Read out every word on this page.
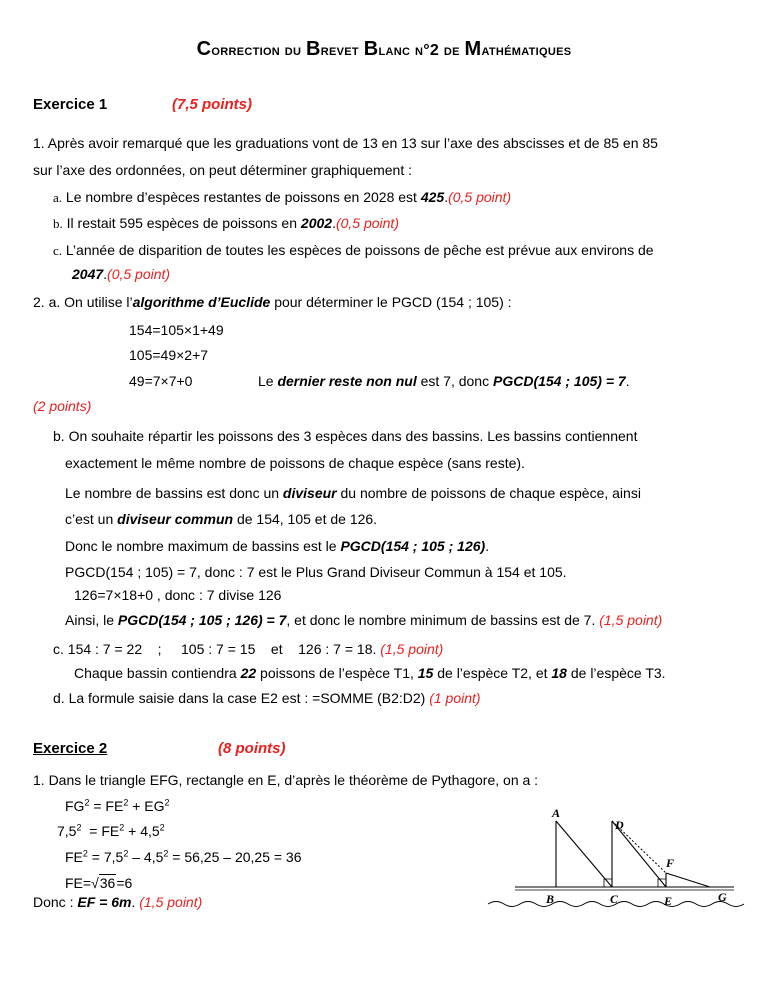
Correction du Brevet Blanc n°2 de Mathématiques
Exercice 1	(7,5 points)
1. Après avoir remarqué que les graduations vont de 13 en 13 sur l’axe des abscisses et de 85 en 85
sur l’axe des ordonnées, on peut déterminer graphiquement :
a. Le nombre d’espèces restantes de poissons en 2028 est 425.(0,5 point)
b. Il restait 595 espèces de poissons en 2002.(0,5 point)
c. L’année de disparition de toutes les espèces de poissons de pêche est prévue aux environs de
2047.(0,5 point)
2. a. On utilise l’algorithme d’Euclide pour déterminer le PGCD (154 ; 105) :
154=105×1+49
105=49×2+7
49=7×7+0	Le dernier reste non nul est 7, donc PGCD(154 ; 105) = 7.
(2 points)
b. On souhaite répartir les poissons des 3 espèces dans des bassins. Les bassins contiennent
exactement le même nombre de poissons de chaque espèce (sans reste).
Le nombre de bassins est donc un diviseur du nombre de poissons de chaque espèce, ainsi
c’est un diviseur commun de 154, 105 et de 126.
Donc le nombre maximum de bassins est le PGCD(154 ; 105 ; 126).
PGCD(154 ; 105) = 7, donc : 7 est le Plus Grand Diviseur Commun à 154 et 105.
126=7×18+0 , donc : 7 divise 126
Ainsi, le PGCD(154 ; 105 ; 126) = 7, et donc le nombre minimum de bassins est de 7. (1,5 point)
c. 154 : 7 = 22    ;     105 : 7 = 15    et    126 : 7 = 18. (1,5 point)
Chaque bassin contiendra 22 poissons de l’espèce T1, 15 de l’espèce T2, et 18 de l’espèce T3.
d. La formule saisie dans la case E2 est : =SOMME (B2:D2) (1 point)
Exercice 2	(8 points)
1. Dans le triangle EFG, rectangle en E, d’après le théorème de Pythagore, on a :
$FG^2 = FE^2 + EG^2$
$7,5^2 = FE^2 + 4,5^2$
$FE^2 = 7,5^2 - 4,5^2 = 56,25 - 20,25 = 36$
FE=√36=6
Donc : EF = 6m. (1,5 point)
A
B	C
D
E
F
G
